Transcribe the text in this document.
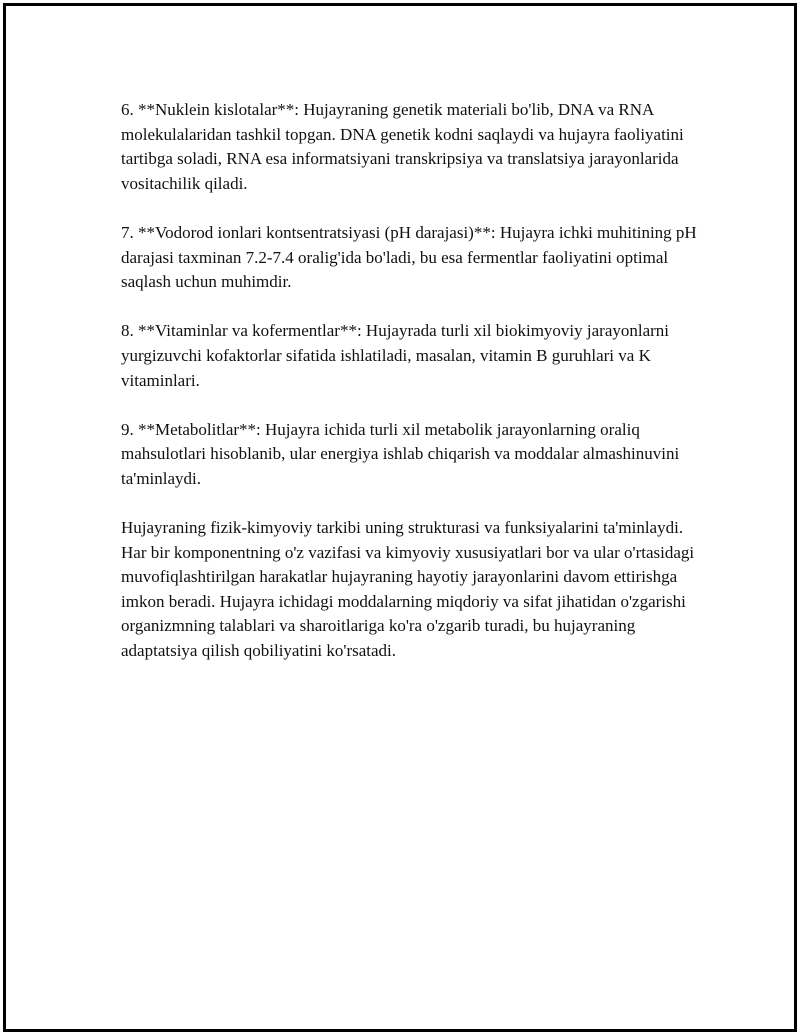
6. **Nuklein kislotalar**: Hujayraning genetik materiali bo'lib, DNA va RNA molekulalaridan tashkil topgan. DNA genetik kodni saqlaydi va hujayra faoliyatini tartibga soladi, RNA esa informatsiyani transkripsiya va translatsiya jarayonlarida vositachilik qiladi.

7. **Vodorod ionlari kontsentratsiyasi (pH darajasi)**: Hujayra ichki muhitining pH darajasi taxminan 7.2-7.4 oralig'ida bo'ladi, bu esa fermentlar faoliyatini optimal saqlash uchun muhimdir.

8. **Vitaminlar va kofermentlar**: Hujayrada turli xil biokimyoviy jarayonlarni yurgizuvchi kofaktorlar sifatida ishlatiladi, masalan, vitamin B guruhlari va K vitaminlari.

9. **Metabolitlar**: Hujayra ichida turli xil metabolik jarayonlarning oraliq mahsulotlari hisoblanib, ular energiya ishlab chiqarish va moddalar almashinuvini ta'minlaydi.

Hujayraning fizik-kimyoviy tarkibi uning strukturasi va funksiyalarini ta'minlaydi. Har bir komponentning o'z vazifasi va kimyoviy xususiyatlari bor va ular o'rtasidagi muvofiqlashtirilgan harakatlar hujayraning hayotiy jarayonlarini davom ettirishga imkon beradi. Hujayra ichidagi moddalarning miqdoriy va sifat jihatidan o'zgarishi organizmning talablari va sharoitlariga ko'ra o'zgarib turadi, bu hujayraning adaptatsiya qilish qobiliyatini ko'rsatadi.
